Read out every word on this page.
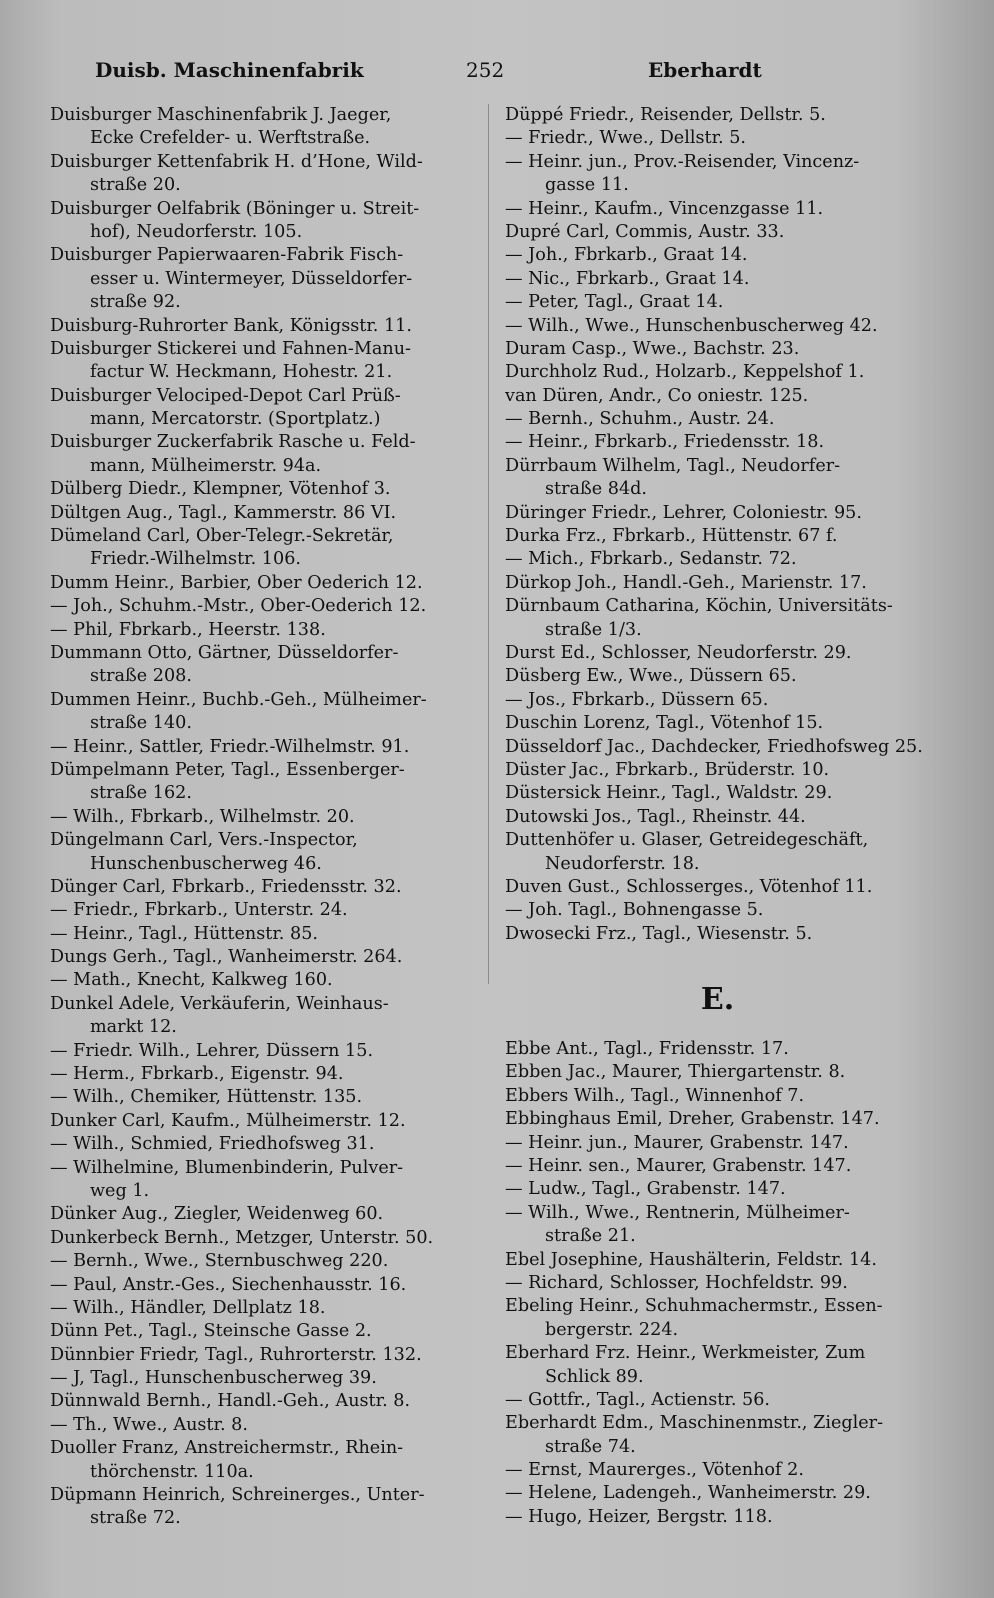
Duisb. Maschinenfabrik	252	Eberhardt
Duisburger Maschinenfabrik J. Jaeger,
Ecke Crefelder- u. Werftstraße.
Duisburger Kettenfabrik H. d’Hone, Wild-
straße 20.
Duisburger Oelfabrik (Böninger u. Streit-
hof), Neudorferstr. 105.
Duisburger Papierwaaren-Fabrik Fisch-
esser u. Wintermeyer, Düsseldorfer-
straße 92.
Duisburg-Ruhrorter Bank, Königsstr. 11.
Duisburger Stickerei und Fahnen-Manu-
factur W. Heckmann, Hohestr. 21.
Duisburger Velociped-Depot Carl Prüß-
mann, Mercatorstr. (Sportplatz.)
Duisburger Zuckerfabrik Rasche u. Feld-
mann, Mülheimerstr. 94a.
Dülberg Diedr., Klempner, Vötenhof 3.
Dültgen Aug., Tagl., Kammerstr. 86 VI.
Dümeland Carl, Ober-Telegr.-Sekretär,
Friedr.-Wilhelmstr. 106.
Dumm Heinr., Barbier, Ober Oederich 12.
— Joh., Schuhm.-Mstr., Ober-Oederich 12.
— Phil, Fbrkarb., Heerstr. 138.
Dummann Otto, Gärtner, Düsseldorfer-
straße 208.
Dummen Heinr., Buchb.-Geh., Mülheimer-
straße 140.
— Heinr., Sattler, Friedr.-Wilhelmstr. 91.
Dümpelmann Peter, Tagl., Essenberger-
straße 162.
— Wilh., Fbrkarb., Wilhelmstr. 20.
Düngelmann Carl, Vers.-Inspector,
Hunschenbuscherweg 46.
Dünger Carl, Fbrkarb., Friedensstr. 32.
— Friedr., Fbrkarb., Unterstr. 24.
— Heinr., Tagl., Hüttenstr. 85.
Dungs Gerh., Tagl., Wanheimerstr. 264.
— Math., Knecht, Kalkweg 160.
Dunkel Adele, Verkäuferin, Weinhaus-
markt 12.
— Friedr. Wilh., Lehrer, Düssern 15.
— Herm., Fbrkarb., Eigenstr. 94.
— Wilh., Chemiker, Hüttenstr. 135.
Dunker Carl, Kaufm., Mülheimerstr. 12.
— Wilh., Schmied, Friedhofsweg 31.
— Wilhelmine, Blumenbinderin, Pulver-
weg 1.
Dünker Aug., Ziegler, Weidenweg 60.
Dunkerbeck Bernh., Metzger, Unterstr. 50.
— Bernh., Wwe., Sternbuschweg 220.
— Paul, Anstr.-Ges., Siechenhausstr. 16.
— Wilh., Händler, Dellplatz 18.
Dünn Pet., Tagl., Steinsche Gasse 2.
Dünnbier Friedr, Tagl., Ruhrorterstr. 132.
— J, Tagl., Hunschenbuscherweg 39.
Dünnwald Bernh., Handl.-Geh., Austr. 8.
— Th., Wwe., Austr. 8.
Duoller Franz, Anstreichermstr., Rhein-
thörchenstr. 110a.
Düpmann Heinrich, Schreinerges., Unter-
straße 72.
Düppé Friedr., Reisender, Dellstr. 5.
— Friedr., Wwe., Dellstr. 5.
— Heinr. jun., Prov.-Reisender, Vincenz-
gasse 11.
— Heinr., Kaufm., Vincenzgasse 11.
Dupré Carl, Commis, Austr. 33.
— Joh., Fbrkarb., Graat 14.
— Nic., Fbrkarb., Graat 14.
— Peter, Tagl., Graat 14.
— Wilh., Wwe., Hunschenbuscherweg 42.
Duram Casp., Wwe., Bachstr. 23.
Durchholz Rud., Holzarb., Keppelshof 1.
van Düren, Andr., Co oniestr. 125.
— Bernh., Schuhm., Austr. 24.
— Heinr., Fbrkarb., Friedensstr. 18.
Dürrbaum Wilhelm, Tagl., Neudorfer-
straße 84d.
Düringer Friedr., Lehrer, Coloniestr. 95.
Durka Frz., Fbrkarb., Hüttenstr. 67 f.
— Mich., Fbrkarb., Sedanstr. 72.
Dürkop Joh., Handl.-Geh., Marienstr. 17.
Dürnbaum Catharina, Köchin, Universitäts-
straße 1/3.
Durst Ed., Schlosser, Neudorferstr. 29.
Düsberg Ew., Wwe., Düssern 65.
— Jos., Fbrkarb., Düssern 65.
Duschin Lorenz, Tagl., Vötenhof 15.
Düsseldorf Jac., Dachdecker, Friedhofsweg 25.
Düster Jac., Fbrkarb., Brüderstr. 10.
Düstersick Heinr., Tagl., Waldstr. 29.
Dutowski Jos., Tagl., Rheinstr. 44.
Duttenhöfer u. Glaser, Getreidegeschäft,
Neudorferstr. 18.
Duven Gust., Schlosserges., Vötenhof 11.
— Joh. Tagl., Bohnengasse 5.
Dwosecki Frz., Tagl., Wiesenstr. 5.
E.
Ebbe Ant., Tagl., Fridensstr. 17.
Ebben Jac., Maurer, Thiergartenstr. 8.
Ebbers Wilh., Tagl., Winnenhof 7.
Ebbinghaus Emil, Dreher, Grabenstr. 147.
— Heinr. jun., Maurer, Grabenstr. 147.
— Heinr. sen., Maurer, Grabenstr. 147.
— Ludw., Tagl., Grabenstr. 147.
— Wilh., Wwe., Rentnerin, Mülheimer-
straße 21.
Ebel Josephine, Haushälterin, Feldstr. 14.
— Richard, Schlosser, Hochfeldstr. 99.
Ebeling Heinr., Schuhmachermstr., Essen-
bergerstr. 224.
Eberhard Frz. Heinr., Werkmeister, Zum
Schlick 89.
— Gottfr., Tagl., Actienstr. 56.
Eberhardt Edm., Maschinenmstr., Ziegler-
straße 74.
— Ernst, Maurerges., Vötenhof 2.
— Helene, Ladengeh., Wanheimerstr. 29.
— Hugo, Heizer, Bergstr. 118.
